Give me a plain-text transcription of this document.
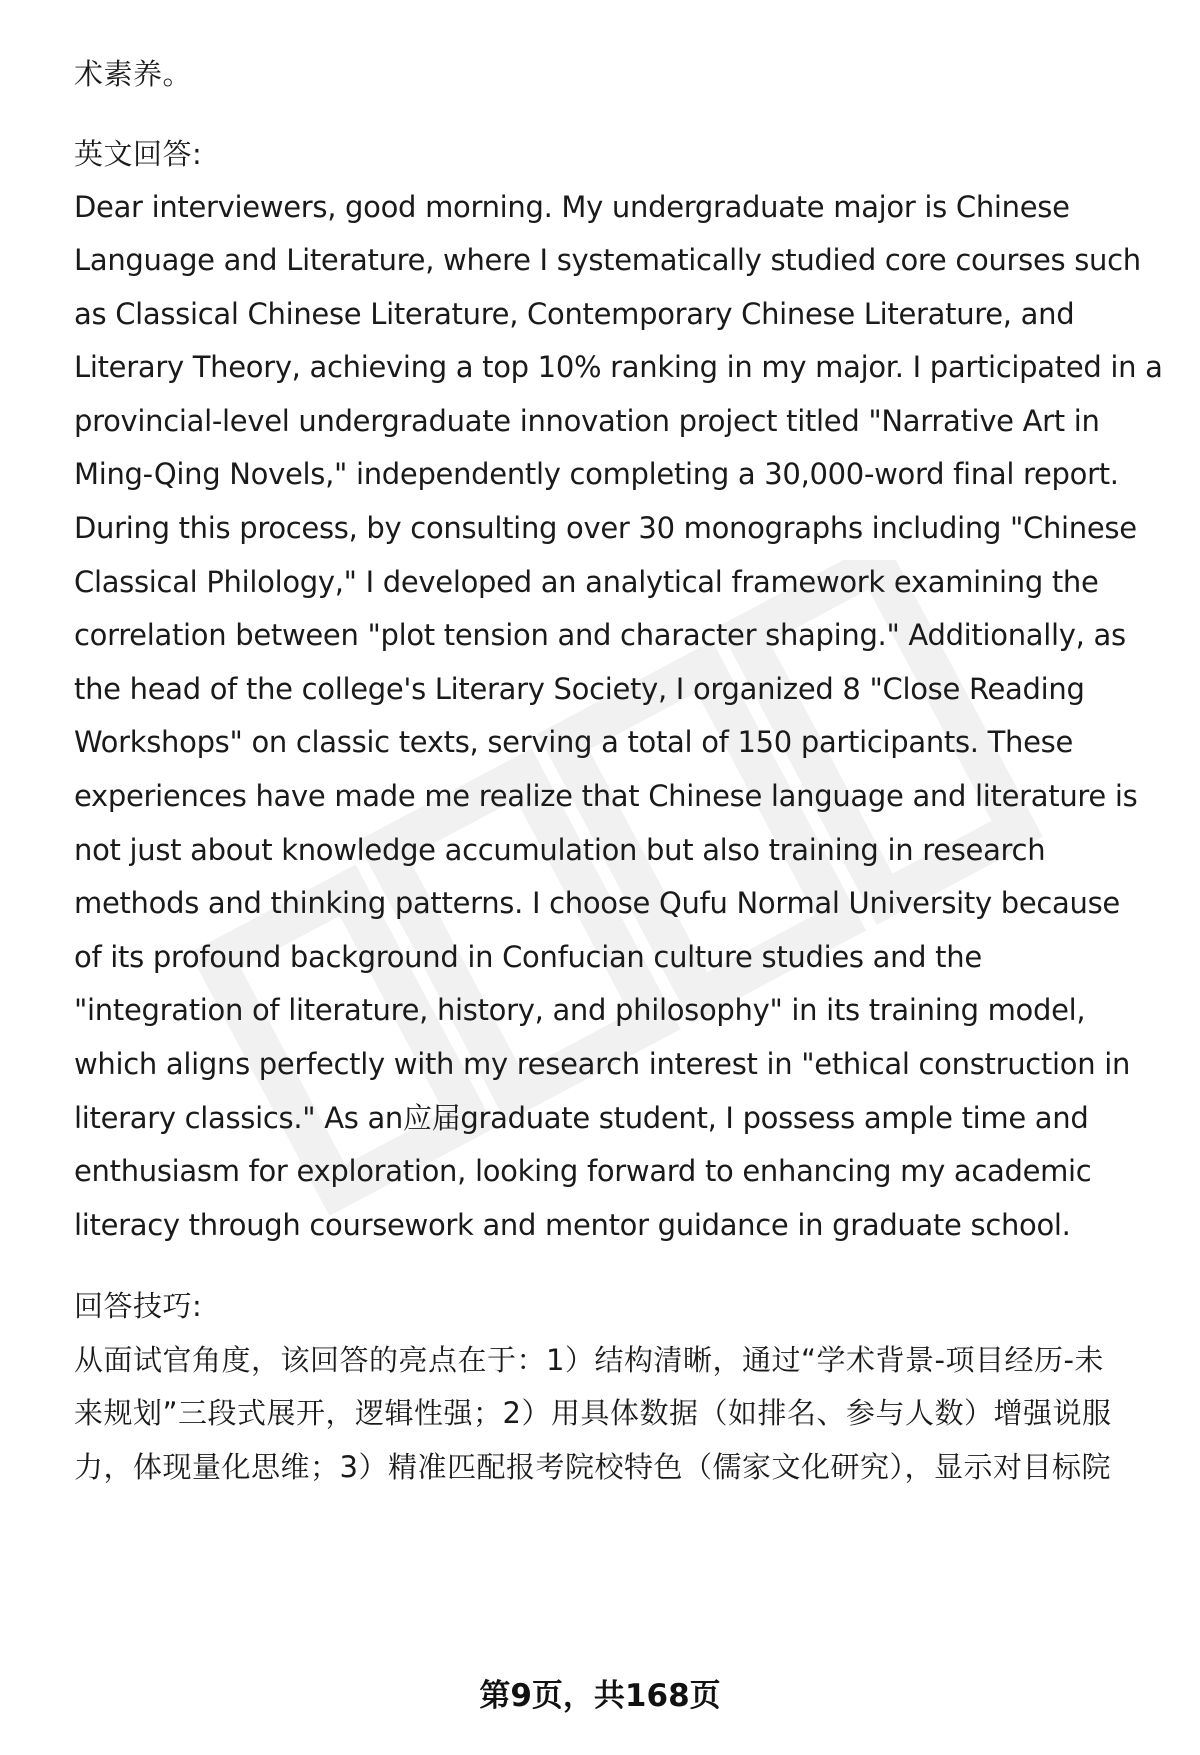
术素养。
英文回答:
Dear interviewers, good morning. My undergraduate major is Chinese
Language and Literature, where I systematically studied core courses such
as Classical Chinese Literature, Contemporary Chinese Literature, and
Literary Theory, achieving a top 10% ranking in my major. I participated in a
provincial-level undergraduate innovation project titled "Narrative Art in
Ming-Qing Novels," independently completing a 30,000-word final report.
During this process, by consulting over 30 monographs including "Chinese
Classical Philology," I developed an analytical framework examining the
correlation between "plot tension and character shaping." Additionally, as
the head of the college's Literary Society, I organized 8 "Close Reading
Workshops" on classic texts, serving a total of 150 participants. These
experiences have made me realize that Chinese language and literature is
not just about knowledge accumulation but also training in research
methods and thinking patterns. I choose Qufu Normal University because
of its profound background in Confucian culture studies and the
"integration of literature, history, and philosophy" in its training model,
which aligns perfectly with my research interest in "ethical construction in
literary classics." As an应届graduate student, I possess ample time and
enthusiasm for exploration, looking forward to enhancing my academic
literacy through coursework and mentor guidance in graduate school.
回答技巧:
从面试官角度，该回答的亮点在于：1）结构清晰，通过“学术背景-项目经历-未
来规划”三段式展开，逻辑性强；2）用具体数据（如排名、参与人数）增强说服
力，体现量化思维；3）精准匹配报考院校特色（儒家文化研究），显示对目标院
第9页，共168页
